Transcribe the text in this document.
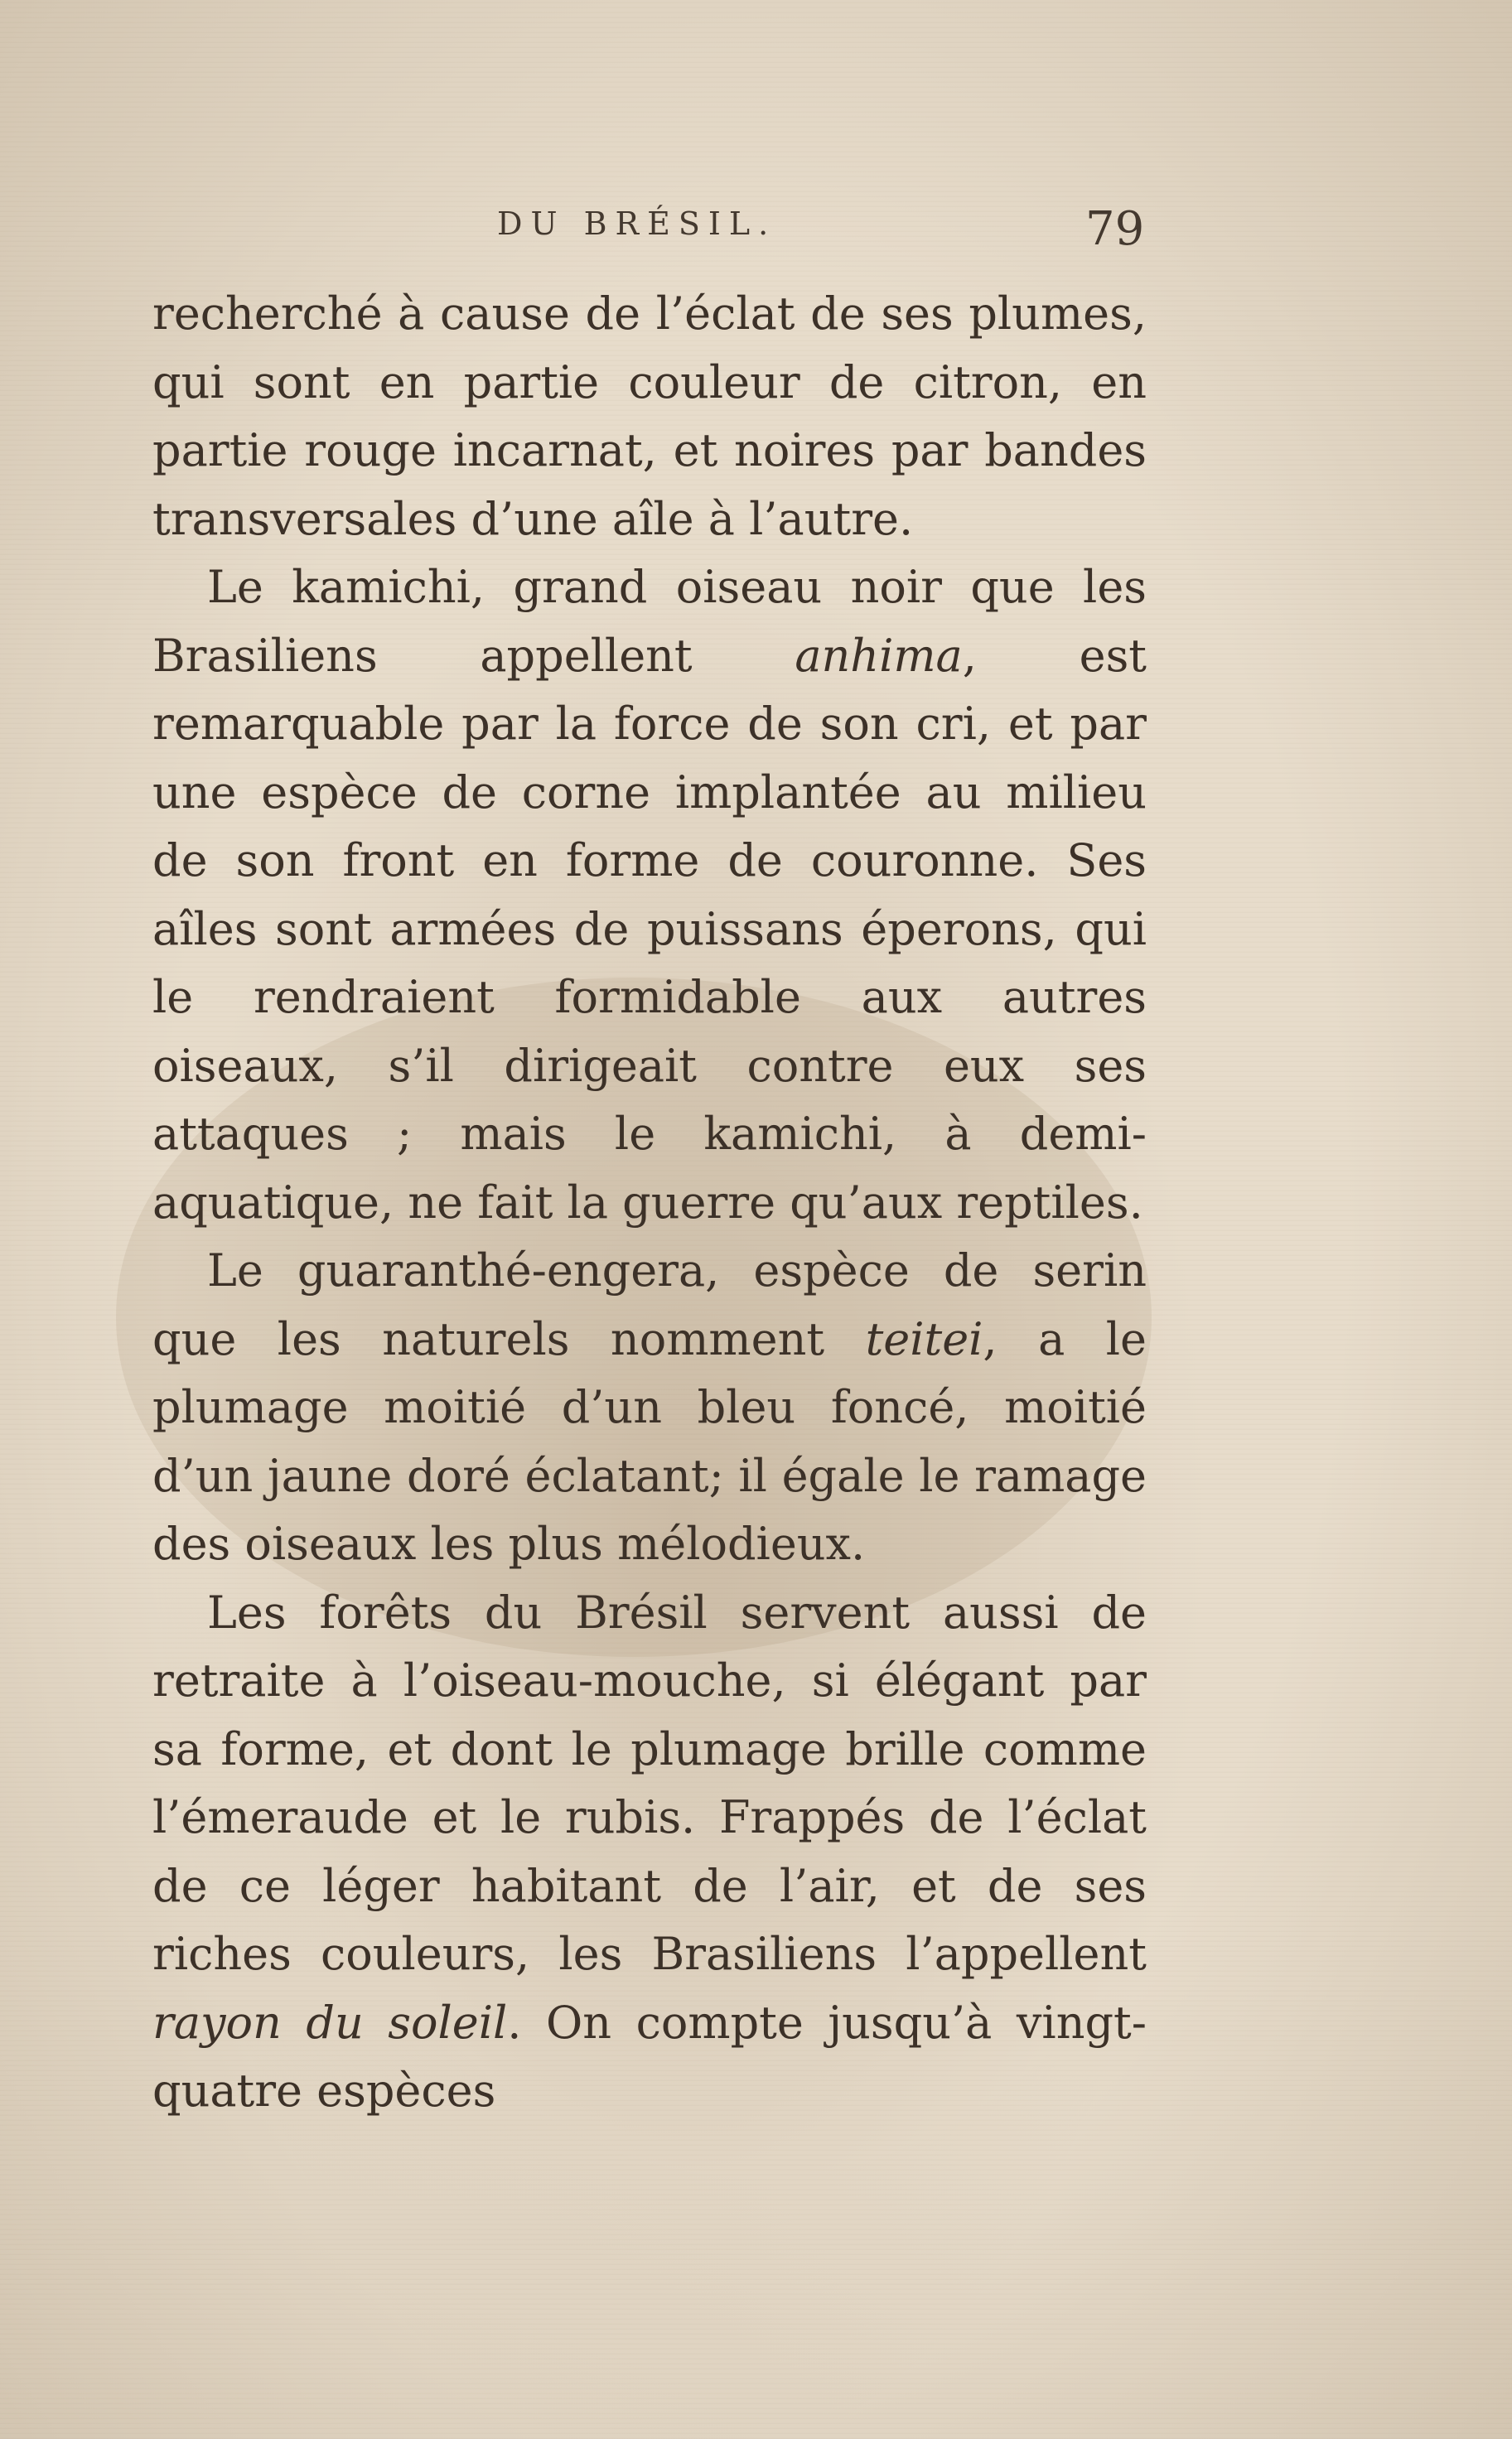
DU BRÉSIL.	79

recherché à cause de l’éclat de ses plumes, qui sont en partie couleur de citron, en partie rouge incarnat, et noires par bandes transversales d’une aîle à l’autre.

Le kamichi, grand oiseau noir que les Brasiliens appellent anhima, est remarquable par la force de son cri, et par une espèce de corne implantée au milieu de son front en forme de couronne. Ses aîles sont armées de puissans éperons, qui le rendraient formidable aux autres oiseaux, s’il dirigeait contre eux ses attaques ; mais le kamichi, à demi-aquatique, ne fait la guerre qu’aux reptiles.

Le guaranthé-engera, espèce de serin que les naturels nomment teitei, a le plumage moitié d’un bleu foncé, moitié d’un jaune doré éclatant; il égale le ramage des oiseaux les plus mélodieux.

Les forêts du Brésil servent aussi de retraite à l’oiseau-mouche, si élégant par sa forme, et dont le plumage brille comme l’émeraude et le rubis. Frappés de l’éclat de ce léger habitant de l’air, et de ses riches couleurs, les Brasiliens l’appellent rayon du soleil. On compte jusqu’à vingt-quatre espèces
